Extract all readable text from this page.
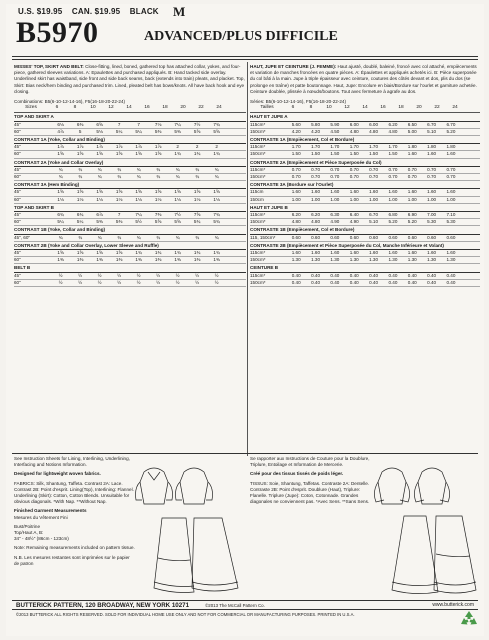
U.S. $19.95 CAN. $19.95 BLACK	M
B5970	ADVANCED/PLUS DIFFICILE
MISSES' TOP, SKIRT AND BELT: Close-fitting, lined, boned, gathered top has attached collar, yokes, and four-piece, gathered sleeves variations. A: Epaulettes and purchased appliqués. B: Hand tacked side overlay. Underlined skirt has waistband, side front and side back seams, back (extends into train) pleats, and placket. Top, Skirt: Bias neck/hem binding and purchased trim. Lined, pleated belt has bows/knots. All have back hook and eye closing.
Combinations: B5(6-10-12-14-16), F5(16-18-20-22-24)
Sizes	6	8	10	12	14	16	18	20	22	24
TOP AND SKIRT A										
45"	6⅛	6⅜	6⅝	7	7	7⅛	7¼	7½	7¾	
60"	4⅞	5	5⅛	5¼	5¼	5⅜	5⅜	5⅝	5⅝	
CONTRAST 1A (Yoke, Collar and Binding)										
45"	1⅞	1⅞	1⅞	1⅞	1⅞	1⅞	2	2	2	
60"	1⅝	1⅝	1⅝	1⅝	1⅝	1⅝	1¾	1¾	1¾	
CONTRAST 2A (Yoke and Collar Overlay)										
45"	¾	¾	¾	¾	¾	¾	¾	¾	¾	
60"	¾	¾	¾	¾	¾	¾	¾	¾	¾	
CONTRAST 3A (Hem Binding)										
45"	1⅝	1⅝	1⅝	1⅝	1⅝	1⅝	1⅝	1⅝	1⅝	
60"	1⅛	1⅛	1⅛	1⅛	1⅛	1⅛	1⅛	1⅛	1⅛	
TOP AND SKIRT B										
45"	6¾	6¾	6⅞	7	7¼	7⅜	7½	7⅝	7¾	
60"	5¼	5¼	5⅜	5⅜	5½	5⅝	5⅝	5¾	5¾	
CONTRAST 1B (Yoke, Collar and Binding)										
45", 60"	¾	¾	¾	¾	¾	¾	¾	¾	¾	
CONTRAST 2B (Yoke and Collar Overlay, Lower Sleeve and Ruffle)										
45"	1⅝	1⅝	1⅝	1⅝	1¾	1¾	1¾	1¾	1¾	
60"	1⅜	1⅜	1⅜	1⅜	1⅜	1⅜	1⅜	1⅜	1⅜	
BELT B										
45"	½	½	½	½	½	½	½	½	½	
60"	½	½	½	½	½	½	½	½	½	
HAUT, JUPE ET CEINTURE (J. FEMME): Haut ajusté, doublé, baleiné, froncé avec col attaché, empiècements et variation de manches froncées en quatre pièces. A: Épaulettes et appliqués achetés ici. B: Pièce superposée du col bâti à la main. Jupe à triple épaisseur avec ceinture, coutures des côtés devant et dos, plis du dos (se prolonge en traîne) et patte boutonnage. Haut, Jupe: Encolure en biais/Bordure sur l'ourlet et garniture achetée. Ceinture doublée, plissée à nœuds/boutons. Tout avec fermeture à agrafe au dos.
Séries: B5(6-10-12-14-16), F5(16-18-20-22-24)
Tailles	6	8	10	12	14	16	18	20	22	24
HAUT ET JUPE A										
115cm*	5.60	5.80	5.90	6.00	6.00	6.20	6.50	6.70	6.70	
150cm*	4.20	4.20	4.50	4.80	4.80	4.80	5.00	5.10	5.20	
CONTRASTE 1A (Empiècement, Col et Bordure)										
115cm*	1.70	1.70	1.70	1.70	1.70	1.70	1.80	1.80	1.80	
150cm*	1.50	1.50	1.50	1.50	1.50	1.50	1.60	1.60	1.60	
CONTRASTE 2A (Empiècement et Pièce Superposée du Col)										
115cm*	0.70	0.70	0.70	0.70	0.70	0.70	0.70	0.70	0.70	
150cm*	0.70	0.70	0.70	0.70	0.70	0.70	0.70	0.70	0.70	
CONTRASTE 3A (Bordure sur l'Ourlet)										
115cm	1.60	1.60	1.60	1.60	1.60	1.60	1.60	1.60	1.60	
150cm	1.00	1.00	1.00	1.00	1.00	1.00	1.00	1.00	1.00	
HAUT ET JUPE B										
115cm*	6.20	6.20	6.30	6.40	6.70	6.80	6.90	7.00	7.10	
150cm*	4.80	4.80	4.90	4.90	5.10	5.20	5.20	5.30	5.30	
CONTRASTE 1B (Empiècement, Col et Bordure)										
115, 150cm*	0.60	0.60	0.60	0.60	0.60	0.60	0.60	0.60	0.60	
CONTRASTE 2B (Empiècement et Pièce Superposée du Col, Manche Inférieure et Volant)										
115cm*	1.60	1.60	1.60	1.60	1.60	1.60	1.60	1.60	1.60	
150cm*	1.30	1.30	1.30	1.30	1.30	1.30	1.30	1.30	1.30	
CEINTURE B										
115cm*	0.40	0.40	0.40	0.40	0.40	0.40	0.40	0.40	0.40	
150cm*	0.40	0.40	0.40	0.40	0.40	0.40	0.40	0.40	0.40	

See Instruction Sheets for Lining, Interlining, Underlining, Interfacing and Notions Information.

Designed for lightweight woven fabrics.

FABRICS: Silk, Shantung, Taffeta. Contrast 2A: Lace. Contrast 2B: Point d'esprit. Lining(Top), Interlining: Flannel. Underlining (Skirt): Cotton, Cotton Blends. Unsuitable for obvious diagonals. *With Nap. **Without Nap.

Finished Garment Measurements
Mesures du Vêtement Fini

Bust/Poitrine
Top/Haut A, B:
34" - 48½" (86cm - 123cm)

Note: Remaining measurements included on pattern tissue.

N.B. Les mesures restantes sont imprimées sur le papier de patron

Se rapporter aux Instructions de Couture pour la Doublure, Triplure, Entoilage et Information de Mercerie.

Créé pour des tissus tissés de poids léger.

TISSUS: Soie, Shantung, Taffetas. Contraste 2A: Dentelle. Contraste 2B: Point d'esprit. Doublure (Haut), Triplure: Flanelle. Triplure (Jupe): Coton, Cotonnade. Grandes diagonales ne conviennent pas. *Avec Sens. **Sans Sens.

BUTTERICK PATTERN, 120 BROADWAY, NEW YORK 10271	©2013 The McCall Pattern Co.	www.butterick.com
©2013 BUTTERICK ALL RIGHTS RESERVED. SOLD FOR INDIVIDUAL HOME USE ONLY AND NOT FOR COMMERCIAL OR MANUFACTURING PURPOSES. PRINTED IN U.S.A.
